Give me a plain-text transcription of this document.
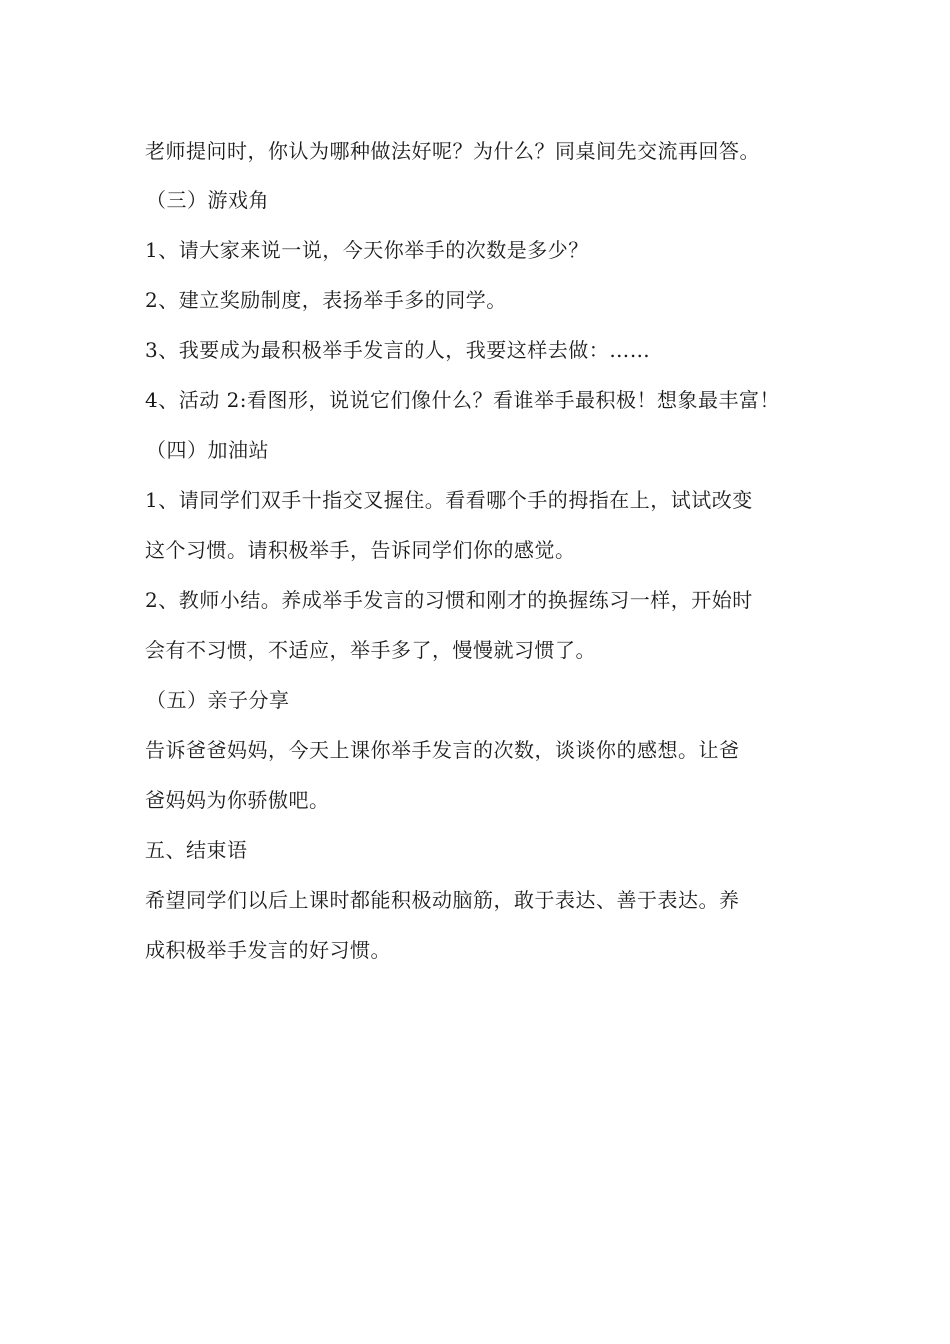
老师提问时，你认为哪种做法好呢？为什么？同桌间先交流再回答。
（三）游戏角
1、请大家来说一说，今天你举手的次数是多少？
2、建立奖励制度，表扬举手多的同学。
3、我要成为最积极举手发言的人，我要这样去做：……
4、活动 2:看图形，说说它们像什么？看谁举手最积极！想象最丰富！
（四）加油站
1、请同学们双手十指交叉握住。看看哪个手的拇指在上，试试改变
这个习惯。请积极举手，告诉同学们你的感觉。
2、教师小结。养成举手发言的习惯和刚才的换握练习一样，开始时
会有不习惯，不适应，举手多了，慢慢就习惯了。
（五）亲子分享
告诉爸爸妈妈，今天上课你举手发言的次数，谈谈你的感想。让爸
爸妈妈为你骄傲吧。
五、结束语
希望同学们以后上课时都能积极动脑筋，敢于表达、善于表达。养
成积极举手发言的好习惯。
